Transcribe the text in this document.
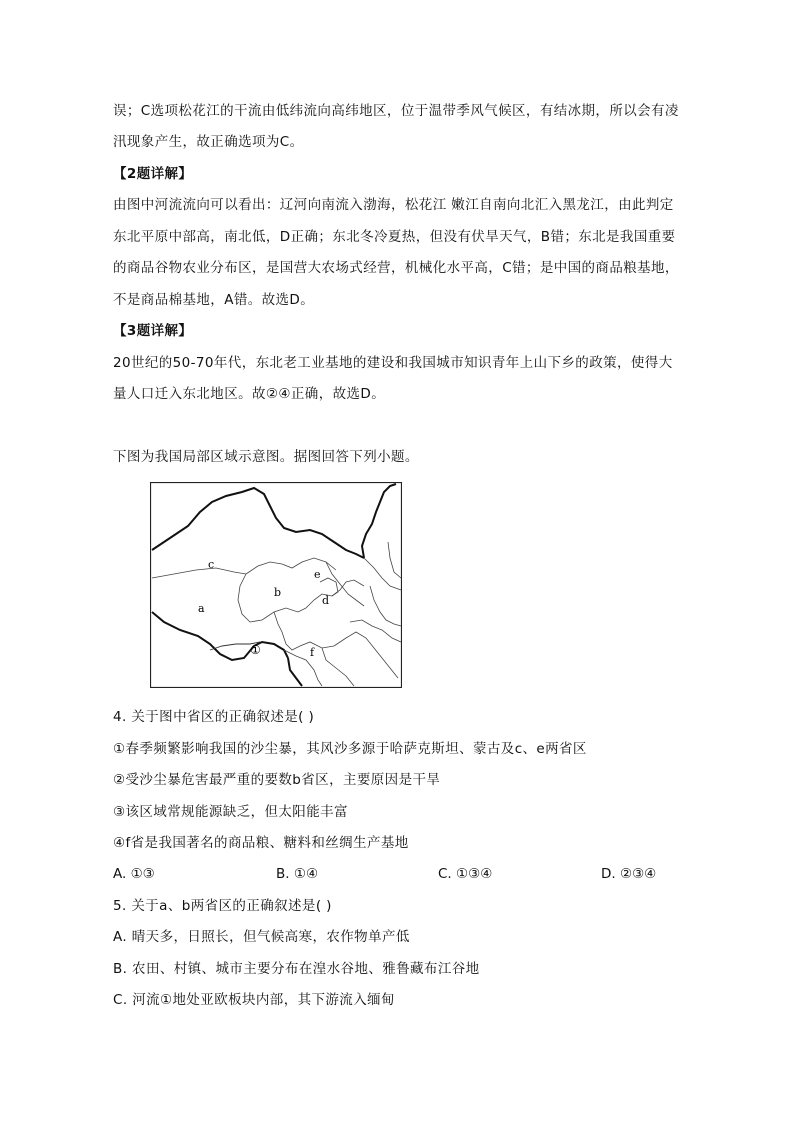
误；C选项松花江的干流由低纬流向高纬地区，位于温带季风气候区，有结冰期，所以会有凌
汛现象产生，故正确选项为C。
【2题详解】
由图中河流流向可以看出：辽河向南流入渤海，松花江 嫩江自南向北汇入黑龙江，由此判定
东北平原中部高，南北低，D正确；东北冬冷夏热，但没有伏旱天气，B错；东北是我国重要
的商品谷物农业分布区，是国营大农场式经营，机械化水平高，C错；是中国的商品粮基地，
不是商品棉基地，A错。故选D。
【3题详解】
20世纪的50-70年代，东北老工业基地的建设和我国城市知识青年上山下乡的政策，使得大
量人口迁入东北地区。故②④正确，故选D。
下图为我国局部区域示意图。据图回答下列小题。
c
a
b
e
d
f
①
4. 关于图中省区的正确叙述是( )
①春季频繁影响我国的沙尘暴，其风沙多源于哈萨克斯坦、蒙古及c、e两省区
②受沙尘暴危害最严重的要数b省区，主要原因是干旱
③该区域常规能源缺乏，但太阳能丰富
④f省是我国著名的商品粮、糖料和丝绸生产基地
A. ①③	B. ①④	C. ①③④	D. ②③④
5. 关于a、b两省区的正确叙述是( )
A. 晴天多，日照长，但气候高寒，农作物单产低
B. 农田、村镇、城市主要分布在湟水谷地、雅鲁藏布江谷地
C. 河流①地处亚欧板块内部，其下游流入缅甸
